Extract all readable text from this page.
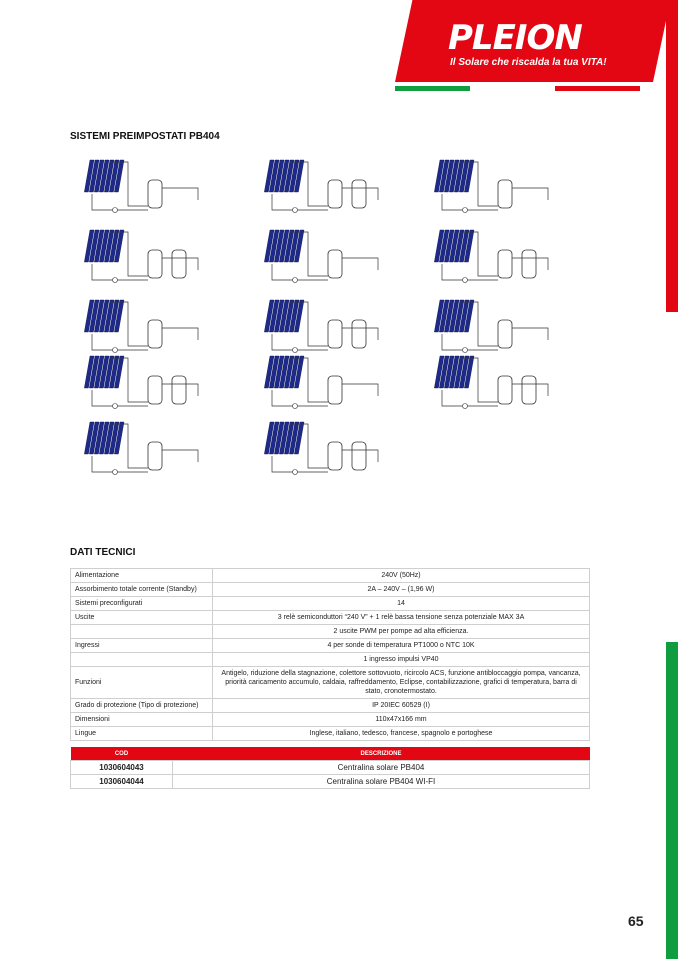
PLEION
Il Solare che riscalda la tua VITA!
SISTEMI PREIMPOSTATI PB404
DATI TECNICI
Alimentazione	240V (50Hz)
Assorbimento totale corrente (Standby)	2A – 240V – (1,96 W)
Sistemi preconfigurati	14
Uscite	3 relè semiconduttori “240 V” + 1 relè bassa tensione senza potenziale MAX 3A
	2 uscite PWM per pompe ad alta efficienza.
Ingressi	4 per sonde di temperatura PT1000 o NTC 10K
	1 ingresso impulsi VP40
Funzioni	Antigelo, riduzione della stagnazione, colettore sottovuoto, ricircolo ACS, funzione antibloccaggio pompa, vancanza, priorità caricamento accumulo, caldaia, raffreddamento, Eclipse, contabilizzazione, grafici di temperatura, barra di stato, cronotermostato.
Grado di protezione (Tipo di protezione)	IP 20IEC 60529 (I)
Dimensioni	110x47x166 mm
Lingue	Inglese, italiano, tedesco, francese, spagnolo e portoghese
COD	DESCRIZIONE
1030604043	Centralina solare PB404
1030604044	Centralina solare PB404 WI-FI
65
